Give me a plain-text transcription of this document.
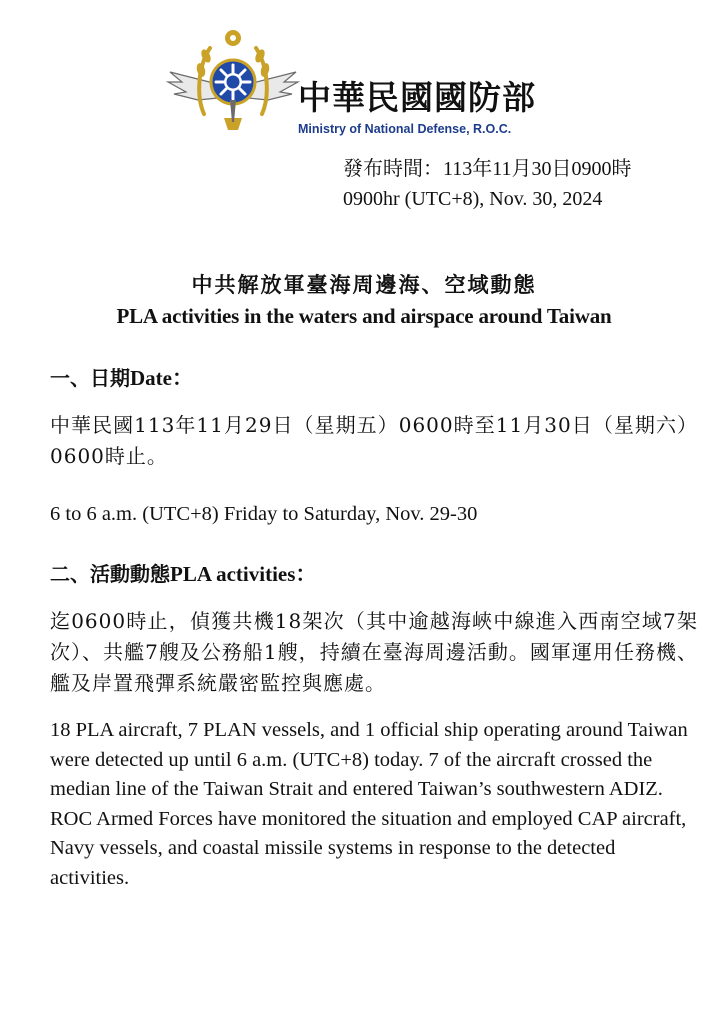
中華民國國防部
Ministry of National Defense, R.O.C.
發布時間：113年11月30日0900時
0900hr (UTC+8), Nov. 30, 2024
中共解放軍臺海周邊海、空域動態
PLA activities in the waters and airspace around Taiwan
一、日期Date：
中華民國113年11月29日（星期五）0600時至11月30日（星期六）0600時止。
6 to 6 a.m. (UTC+8) Friday to Saturday, Nov. 29-30
二、活動動態PLA activities：
迄0600時止，偵獲共機18架次（其中逾越海峽中線進入西南空域7架次）、共艦7艘及公務船1艘，持續在臺海周邊活動。國軍運用任務機、艦及岸置飛彈系統嚴密監控與應處。
18 PLA aircraft, 7 PLAN vessels, and 1 official ship operating around Taiwan were detected up until 6 a.m. (UTC+8) today. 7 of the aircraft crossed the median line of the Taiwan Strait and entered Taiwan’s southwestern ADIZ. ROC Armed Forces have monitored the situation and employed CAP aircraft, Navy vessels, and coastal missile systems in response to the detected activities.
